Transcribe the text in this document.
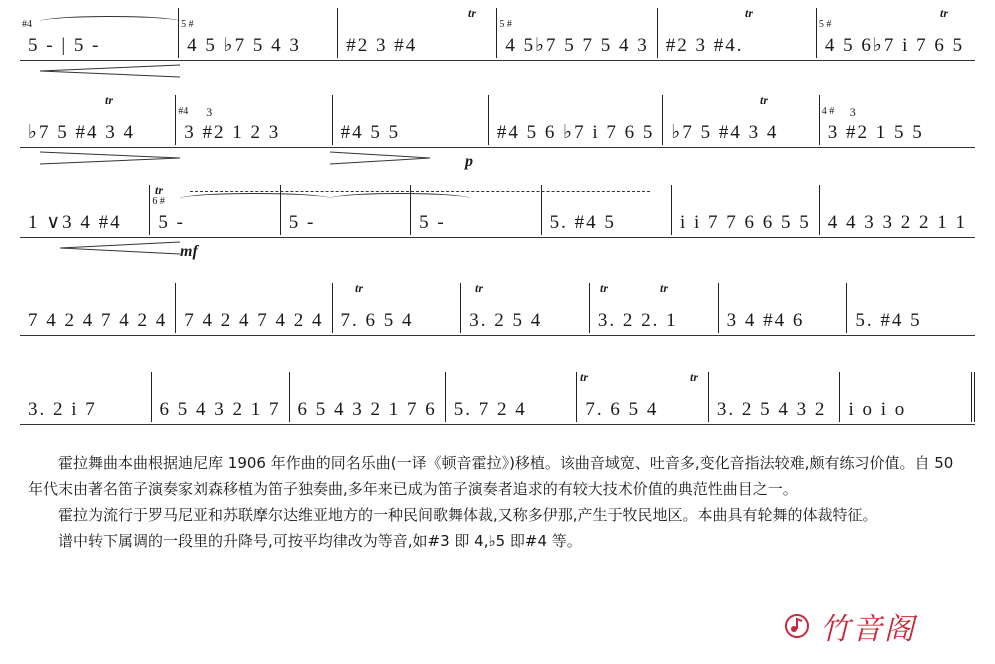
#4
5 - | 5 -
5 #
4 5 ♭7 5 4 3 #2 3 #4
5 #
4 5♭7 5 7 5 4 3 #2 3 #4.
5 #
4 5 6♭7 i 7 6 5
♭7 5 #4 3 4
#4
3 #2 1 2 3
3
#4 5 5	#4 5 6 ♭7 i 7 6 5 ♭7 5 #4 3 4
4 #
3 #2 1 5 5
3
p
1 ∨3 4 #4
6 #
5 -	5 -	5 -	5. #4 5	i i 7 7 6 6 5 5 4 4 3 3 2 2 1 1
mf
7 4 2 4 7 4 2 4 7 4 2 4 7 4 2 4 7. 6 5 4	3. 2 5 4	3. 2 2. 1	3 4 #4 6	5. #4 5
3. 2 i 7	6 5 4 3 2 1 7 6 5 4 3 2 1 7 6 5. 7 2 4	7. 6 5 4	3. 2 5 4 3 2 i o i o
tr	tr	tr
tr	tr
tr
tr	tr	tr	tr
tr	tr

霍拉舞曲本曲根据迪尼库 1906 年作曲的同名乐曲(一译《顿音霍拉》)移植。该曲音域宽、吐音多,变化音指法较难,颇有练习价值。自 50 年代末由著名笛子演奏家刘森移植为笛子独奏曲,多年来已成为笛子演奏者追求的有较大技术价值的典范性曲目之一。

霍拉为流行于罗马尼亚和苏联摩尔达维亚地方的一种民间歌舞体裁,又称多伊那,产生于牧民地区。本曲具有轮舞的体裁特征。

谱中转下属调的一段里的升降号,可按平均律改为等音,如#3 即 4,♭5 即#4 等。

竹音阁
